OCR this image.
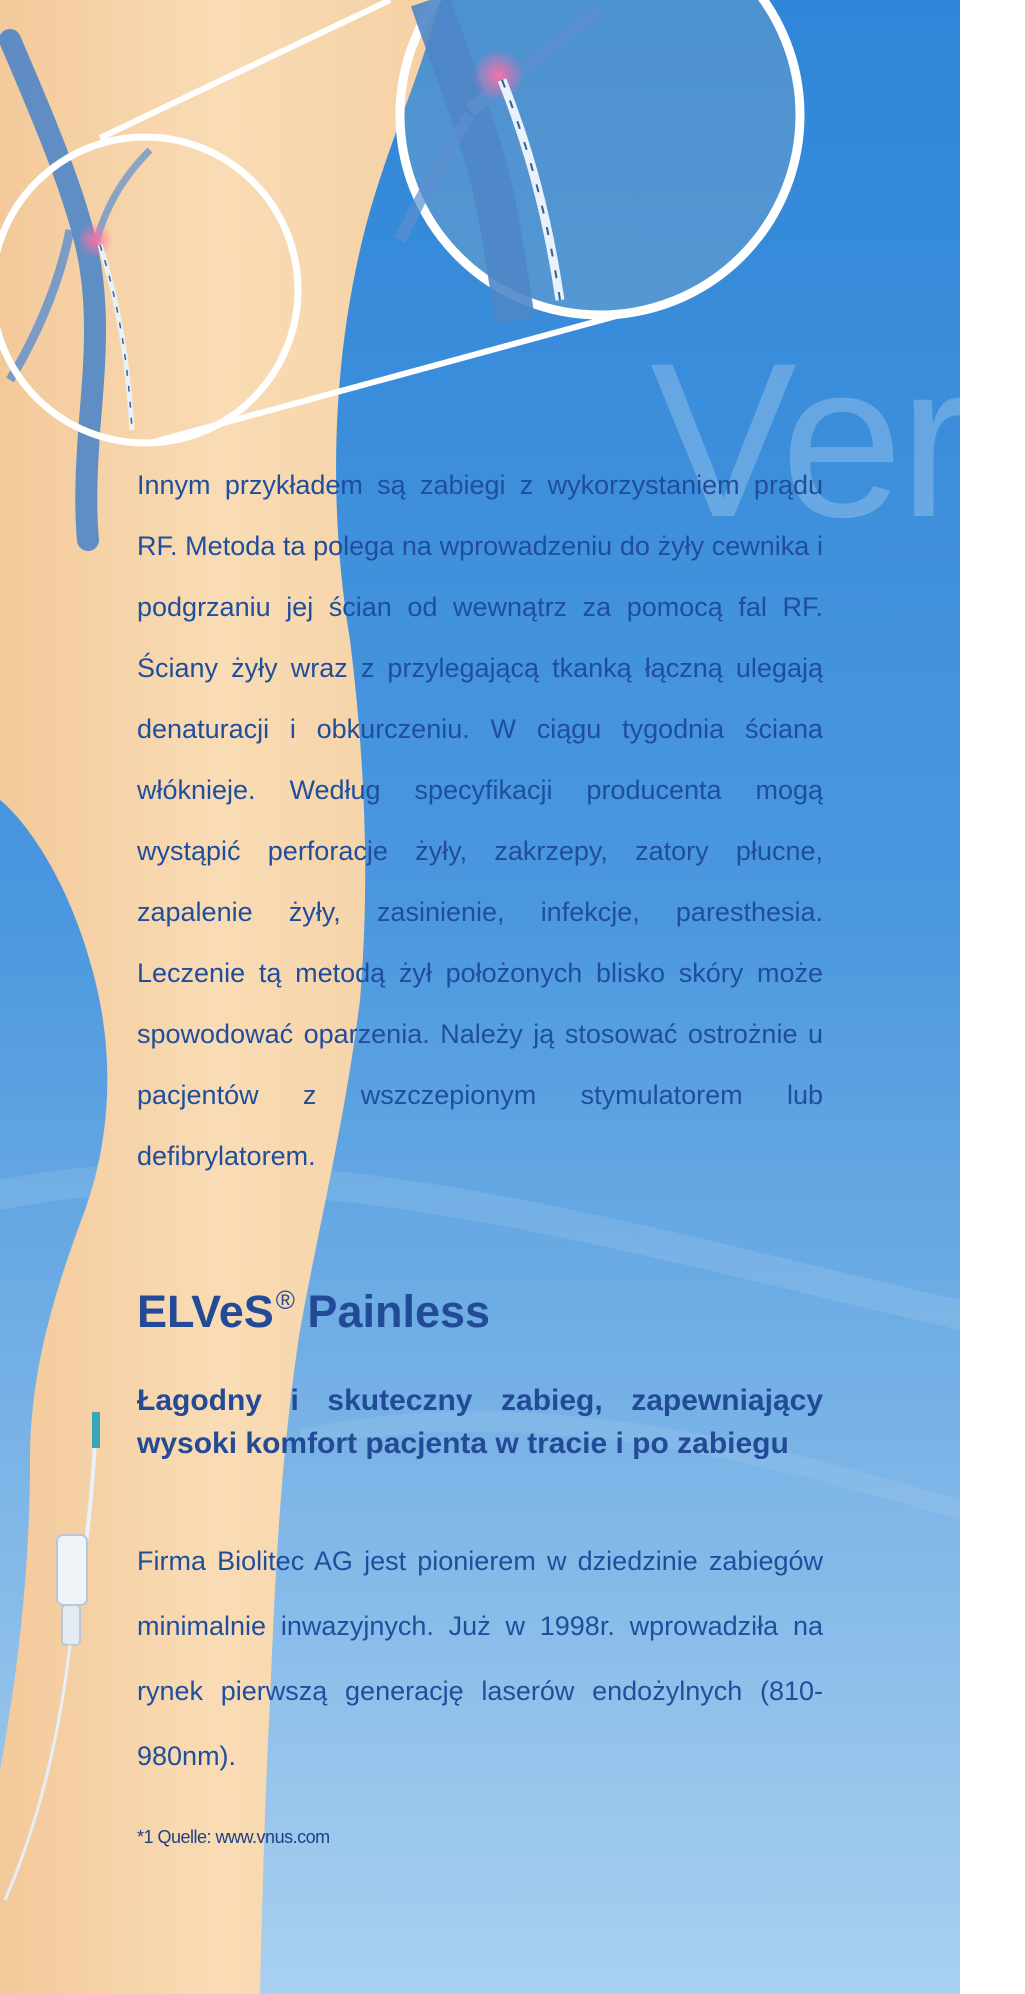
Verf

Innym przykładem są zabiegi z wykorzystaniem prądu RF. Metoda ta polega na wprowadzeniu do żyły cewnika i podgrzaniu jej ścian od wewnątrz za pomocą fal RF. Ściany żyły wraz z przylegającą tkanką łączną ulegają denaturacji i obkurczeniu. W ciągu tygodnia ściana włóknieje. Według specyfikacji producenta mogą wystąpić perforacje żyły, zakrzepy, zatory płucne, zapalenie żyły, zasinienie, infekcje, paresthesia. Leczenie tą metodą żył położonych blisko skóry może spowodować oparzenia. Należy ją stosować ostrożnie u pacjentów z wszczepionym stymulatorem lub defibrylatorem.

ELVeS® Painless

Łagodny i skuteczny zabieg, zapewniający wysoki komfort pacjenta w tracie i po zabiegu

Firma Biolitec AG jest pionierem w dziedzinie zabiegów minimalnie inwazyjnych. Już w 1998r. wprowadziła na rynek pierwszą generację laserów endożylnych (810-980nm).

*1 Quelle: www.vnus.com
